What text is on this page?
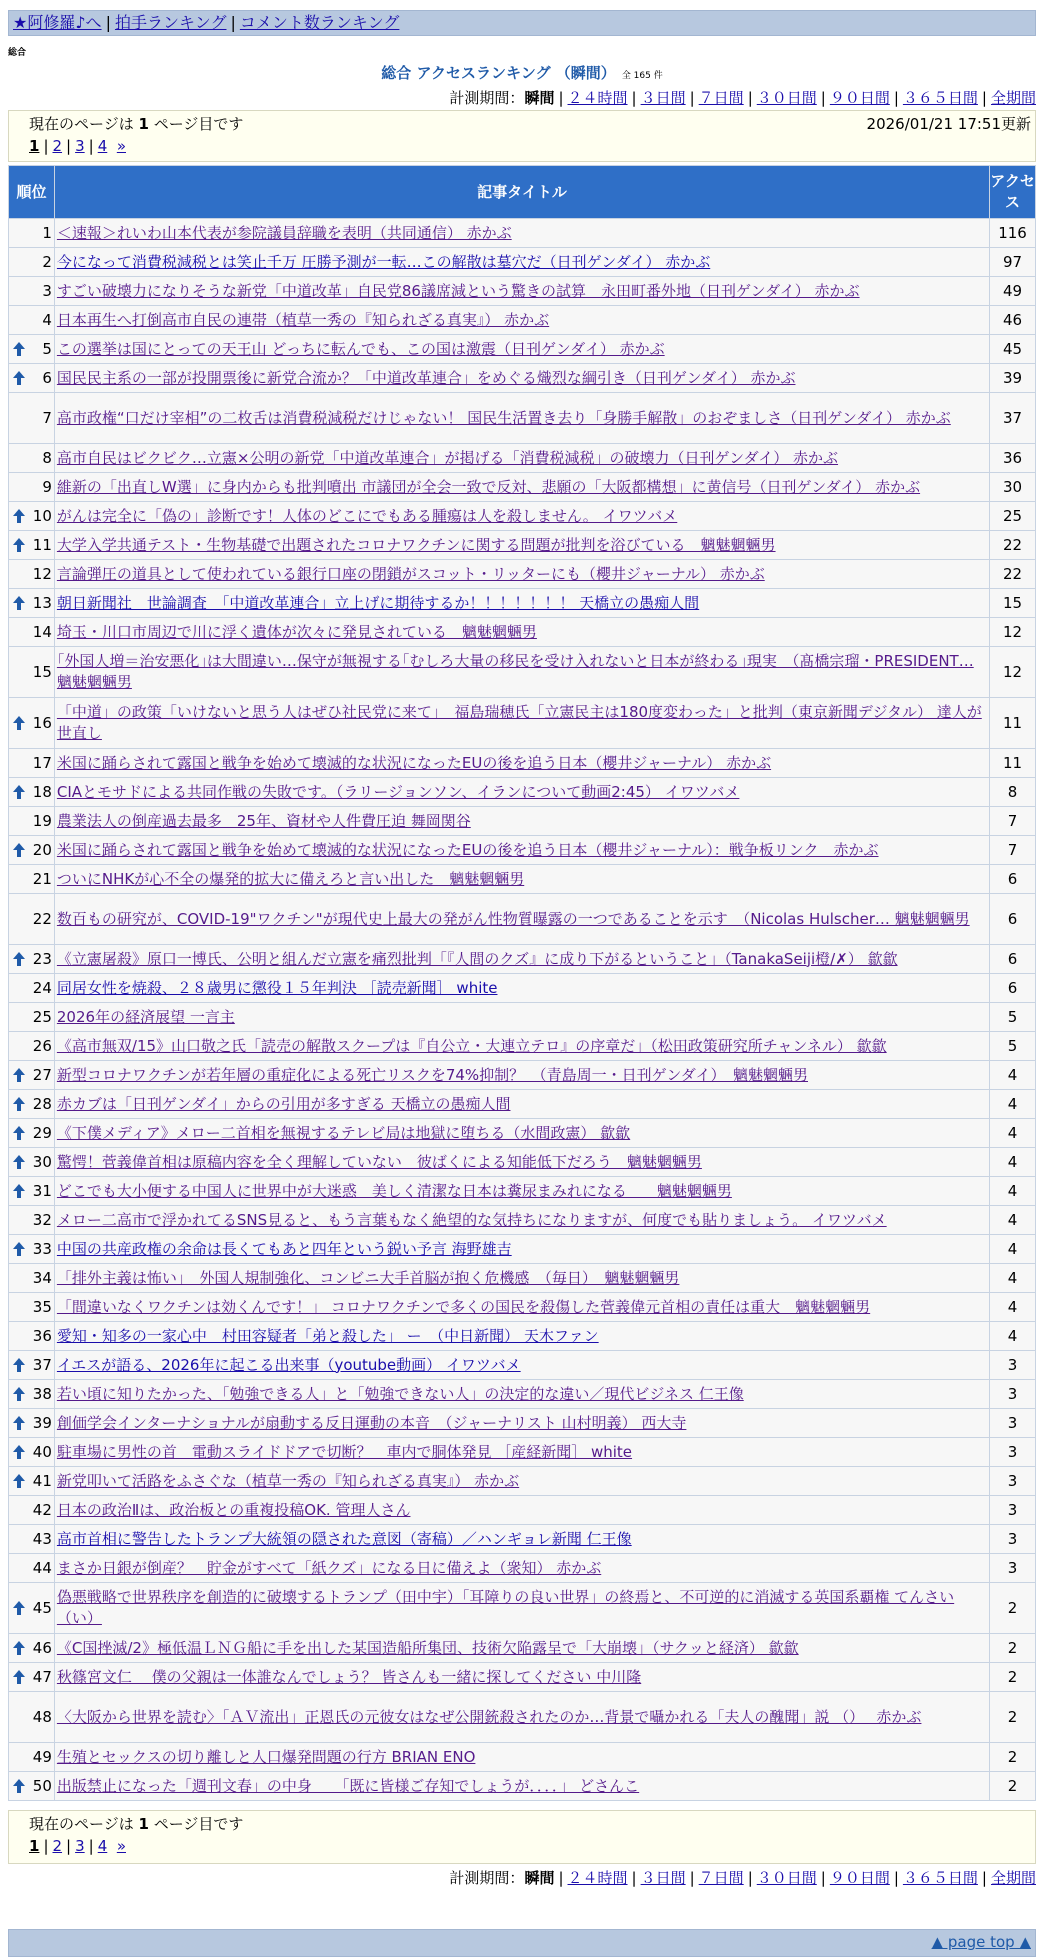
★阿修羅♪へ | 拍手ランキング | コメント数ランキング
総合
総合 アクセスランキング （瞬間） 全 165 件
計測期間：瞬間 | ２４時間 | ３日間 | ７日間 | ３０日間 | ９０日間 | ３６５日間 | 全期間
現在のページは 1 ページ目です	2026/01/21 17:51更新
1 | 2 | 3 | 4 »
順位	記事タイトル	アクセス
1	＜速報＞れいわ山本代表が参院議員辞職を表明（共同通信） 赤かぶ	116
2	今になって消費税減税とは笑止千万 圧勝予測が一転…この解散は墓穴だ（日刊ゲンダイ） 赤かぶ	97
3	すごい破壊力になりそうな新党「中道改革」自民党86議席減という驚きの試算　永田町番外地（日刊ゲンダイ） 赤かぶ	49
4	日本再生へ打倒高市自民の連帯（植草一秀の『知られざる真実』） 赤かぶ	46

5	この選挙は国にとっての天王山 どっちに転んでも、この国は激震（日刊ゲンダイ） 赤かぶ	45

6	国民民主系の一部が投開票後に新党合流か？「中道改革連合」をめぐる熾烈な綱引き（日刊ゲンダイ） 赤かぶ	39
7	高市政権“口だけ宰相”の二枚舌は消費税減税だけじゃない！ 国民生活置き去り「身勝手解散」のおぞましさ（日刊ゲンダイ） 赤かぶ	37
8	高市自民はビクビク…立憲×公明の新党「中道改革連合」が掲げる「消費税減税」の破壊力（日刊ゲンダイ） 赤かぶ	36
9	維新の「出直しW選」に身内からも批判噴出 市議団が全会一致で反対、悲願の「大阪都構想」に黄信号（日刊ゲンダイ） 赤かぶ	30

10	がんは完全に「偽の」診断です！人体のどこにでもある腫瘍は人を殺しません。 イワツバメ	25

11	大学入学共通テスト・生物基礎で出題されたコロナワクチンに関する問題が批判を浴びている　魑魅魍魎男	22
12	言論弾圧の道具として使われている銀行口座の閉鎖がスコット・リッターにも（櫻井ジャーナル） 赤かぶ	22

13	朝日新聞社　世論調査　「中道改革連合」立上げに期待するか！！！！！！！ 天橋立の愚痴人間	15
14	埼玉・川口市周辺で川に浮く遺体が次々に発見されている　魑魅魍魎男	12
15	｢外国人増＝治安悪化｣は大間違い…保守が無視する｢むしろ大量の移民を受け入れないと日本が終わる｣現実　（髙橋宗瑠・PRESIDENT… 魑魅魍魎男	12

16	「中道」の政策「いけないと思う人はぜひ社民党に来て」　福島瑞穂氏「立憲民主は180度変わった」と批判（東京新聞デジタル） 達人が世直し	11
17	米国に踊らされて露国と戦争を始めて壊滅的な状況になったEUの後を追う日本（櫻井ジャーナル） 赤かぶ	11

18	CIAとモサドによる共同作戦の失敗です。（ラリージョンソン、イランについて動画2:45） イワツバメ	8
19	農業法人の倒産過去最多　25年、資材や人件費圧迫 舞岡関谷	7

20	米国に踊らされて露国と戦争を始めて壊滅的な状況になったEUの後を追う日本（櫻井ジャーナル）：戦争板リンク　赤かぶ	7
21	ついにNHKが心不全の爆発的拡大に備えろと言い出した　魑魅魍魎男	6
22	数百もの研究が、COVID-19"ワクチン"が現代史上最大の発がん性物質曝露の一つであることを示す　（Nicolas Hulscher… 魑魅魍魎男	6

23	《立憲屠殺》原口一博氏、公明と組んだ立憲を痛烈批判「『人間のクズ』に成り下がるということ」（TanakaSeiji橙/✗） 歙歙	6
24	同居女性を焼殺、２８歳男に懲役１５年判決 ［読売新聞］ white	6
25	2026年の経済展望 一言主	5
26	《高市無双/15》山口敬之氏「読売の解散スクープは『自公立・大連立テロ』の序章だ」（松田政策研究所チャンネル） 歙歙	5

27	新型コロナワクチンが若年層の重症化による死亡リスクを74%抑制？　（青島周一・日刊ゲンダイ）　魑魅魍魎男	4

28	赤カブは「日刊ゲンダイ」からの引用が多すぎる 天橋立の愚痴人間	4

29	《下僕メディア》メロー二首相を無視するテレビ局は地獄に堕ちる（水間政憲） 歙歙	4

30	驚愕！菅義偉首相は原稿内容を全く理解していない　彼ばくによる知能低下だろう　魑魅魍魎男	4

31	どこでも大小便する中国人に世界中が大迷惑　美しく清潔な日本は糞尿まみれになる　　魑魅魍魎男	4
32	メロー二高市で浮かれてるSNS見ると、もう言葉もなく絶望的な気持ちになりますが、何度でも貼りましょう。 イワツバメ	4

33	中国の共産政権の余命は長くてもあと四年という鋭い予言 海野雄吉	4
34	「排外主義は怖い」　外国人規制強化、コンビニ大手首脳が抱く危機感　（毎日）　魑魅魍魎男	4
35	「間違いなくワクチンは効くんです！」 コロナワクチンで多くの国民を殺傷した菅義偉元首相の責任は重大　魑魅魍魎男	4
36	愛知・知多の一家心中　村田容疑者「弟と殺した」 ー　（中日新聞） 天木ファン	4

37	イエスが語る、2026年に起こる出来事（youtube動画） イワツバメ	3

38	若い頃に知りたかった、「勉強できる人」と「勉強できない人」の決定的な違い／現代ビジネス 仁王像	3

39	創価学会インターナショナルが扇動する反日運動の本音　（ジャーナリスト 山村明義） 西大寺	3

40	駐車場に男性の首　電動スライドドアで切断？　車内で胴体発見 ［産経新聞］ white	3

41	新党叩いて活路をふさぐな（植草一秀の『知られざる真実』） 赤かぶ	3
42	日本の政治Ⅱは、政治板との重複投稿OK. 管理人さん	3
43	高市首相に警告したトランプ大統領の隠された意図（寄稿）／ハンギョレ新聞 仁王像	3
44	まさか日銀が倒産？　貯金がすべて「紙クズ」になる日に備えよ（衆知） 赤かぶ	3

45	偽悪戦略で世界秩序を創造的に破壊するトランプ（田中宇）「耳障りの良い世界」の終焉と、不可逆的に消滅する英国系覇権 てんさい（い）	2

46	《C国挫滅/2》極低温ＬＮＧ船に手を出した某国造船所集団、技術欠陥露呈で「大崩壊」（サクッと経済） 歙歙	2

47	秋篠宮文仁　 僕の父親は一体誰なんでしょう？ 皆さんも一緒に探してください 中川隆	2
48	〈大阪から世界を読む〉「ＡＶ流出」正恩氏の元彼女はなぜ公開銃殺されたのか…背景で囁かれる「夫人の醜聞」説 （）　 赤かぶ	2
49	生殖とセックスの切り離しと人口爆発問題の行方 BRIAN ENO	2

50	出版禁止になった「週刊文春」の中身　　「既に皆様ご存知でしょうが．．．．」 どさんこ	2
現在のページは 1 ページ目です
1 | 2 | 3 | 4 »
計測期間：瞬間 | ２４時間 | ３日間 | ７日間 | ３０日間 | ９０日間 | ３６５日間 | 全期間
▲ page top ▲
